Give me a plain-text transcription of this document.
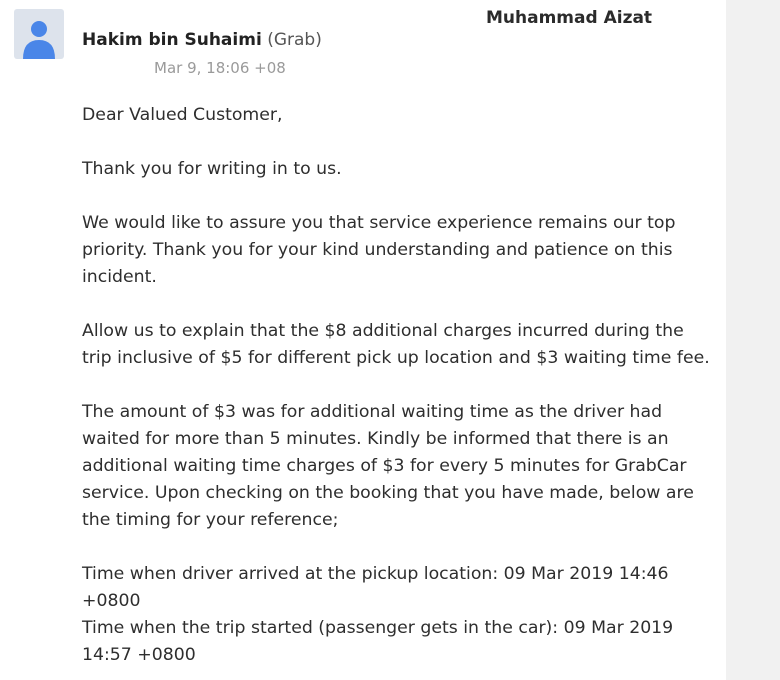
Muhammad Aizat
Hakim bin Suhaimi (Grab)
Mar 9, 18:06 +08

Dear Valued Customer,

Thank you for writing in to us.

We would like to assure you that service experience remains our top
priority. Thank you for your kind understanding and patience on this
incident.

Allow us to explain that the $8 additional charges incurred during the
trip inclusive of $5 for different pick up location and $3 waiting time fee.

The amount of $3 was for additional waiting time as the driver had
waited for more than 5 minutes. Kindly be informed that there is an
additional waiting time charges of $3 for every 5 minutes for GrabCar
service. Upon checking on the booking that you have made, below are
the timing for your reference;

Time when driver arrived at the pickup location: 09 Mar 2019 14:46
+0800

Time when the trip started (passenger gets in the car): 09 Mar 2019
14:57 +0800
